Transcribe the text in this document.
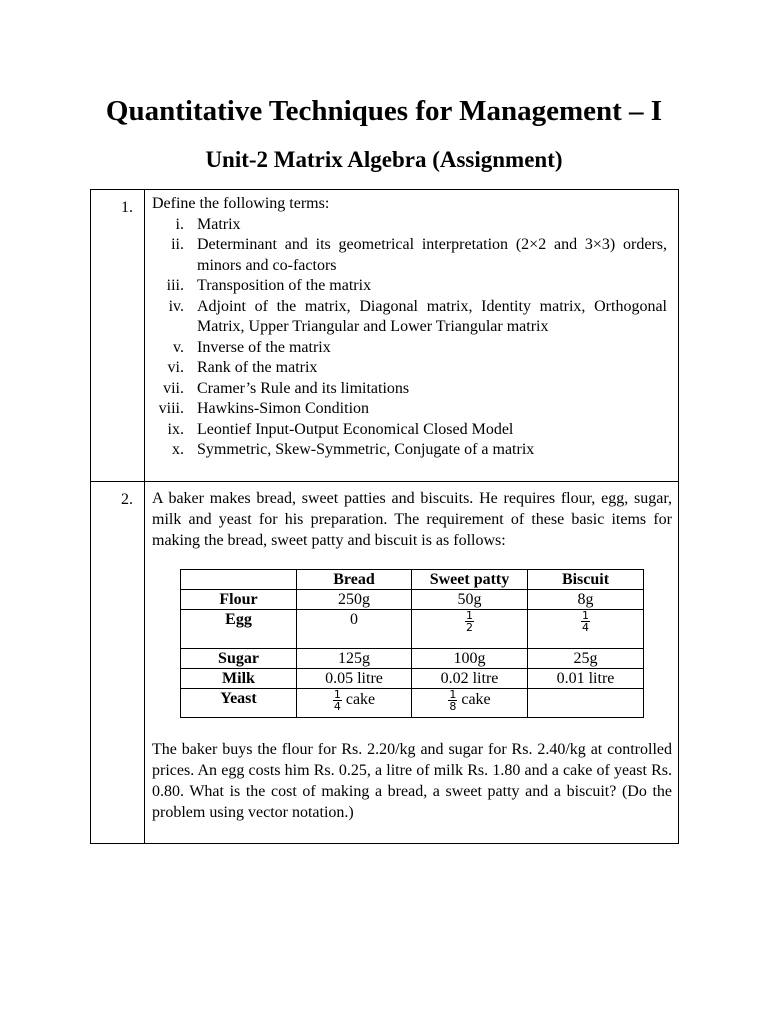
Quantitative Techniques for Management – I
Unit-2 Matrix Algebra (Assignment)
1.	Define the following terms:
i. Matrix
ii. Determinant and its geometrical interpretation (2×2 and 3×3) orders, minors and co-factors
iii. Transposition of the matrix
iv. Adjoint of the matrix, Diagonal matrix, Identity matrix, Orthogonal Matrix, Upper Triangular and Lower Triangular matrix
v. Inverse of the matrix
vi. Rank of the matrix
vii. Cramer’s Rule and its limitations
viii. Hawkins-Simon Condition
ix. Leontief Input-Output Economical Closed Model
x. Symmetric, Skew-Symmetric, Conjugate of a matrix

2.	A baker makes bread, sweet patties and biscuits. He requires flour, egg, sugar, milk and yeast for his preparation. The requirement of these basic items for making the bread, sweet patty and biscuit is as follows:
	Bread	Sweet patty	Biscuit
Flour	250g	50g	8g
Egg	0	$\frac{1}{2}$	$\frac{1}{4}$

Sugar	125g	100g	25g
Milk	0.05 litre	0.02 litre	0.01 litre
Yeast	$\frac{1}{4}$ cake	$\frac{1}{8}$ cake	
The baker buys the flour for Rs. 2.20/kg and sugar for Rs. 2.40/kg at controlled prices. An egg costs him Rs. 0.25, a litre of milk Rs. 1.80 and a cake of yeast Rs. 0.80. What is the cost of making a bread, a sweet patty and a biscuit? (Do the problem using vector notation.)
